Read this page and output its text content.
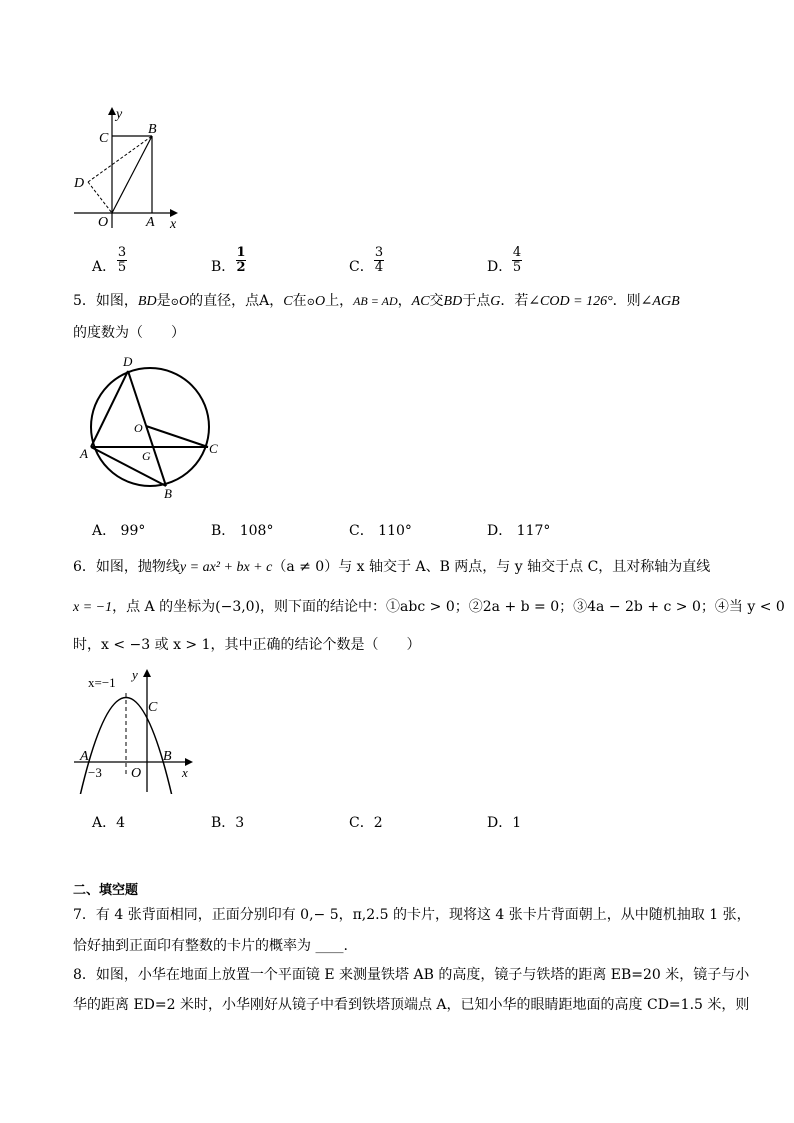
y
x
C
B
D
O	A
A． $\frac{3}{5}$	B． $\frac{1}{2}$	C． $\frac{3}{4}$	D． $\frac{4}{5}$
5．如图，BD是⊙O的直径，点A，C在⊙O上，AB = AD，AC交BD于点G．若∠COD = 126°．则∠AGB
的度数为（　　）
D
O
C
A	G
B
A． 99°	B． 108°	C． 110°	D． 117°
6．如图，抛物线y = ax² + bx + c（a ≠ 0）与 x 轴交于 A、B 两点，与 y 轴交于点 C，且对称轴为直线
x = −1，点 A 的坐标为(−3,0)，则下面的结论中：①abc > 0；②2a + b = 0；③4a − 2b + c > 0；④当 y < 0
时，x < −3 或 x > 1，其中正确的结论个数是（　　）
x=−1
y
C
A	B
−3 O	x
A．4	B．3	C．2	D．1
二、填空题
7．有 4 张背面相同，正面分别印有 0,− 5，π,2.5 的卡片，现将这 4 张卡片背面朝上，从中随机抽取 1 张，
恰好抽到正面印有整数的卡片的概率为 ____.
8．如图，小华在地面上放置一个平面镜 E 来测量铁塔 AB 的高度，镜子与铁塔的距离 EB=20 米，镜子与小
华的距离 ED=2 米时，小华刚好从镜子中看到铁塔顶端点 A，已知小华的眼睛距地面的高度 CD=1.5 米，则
